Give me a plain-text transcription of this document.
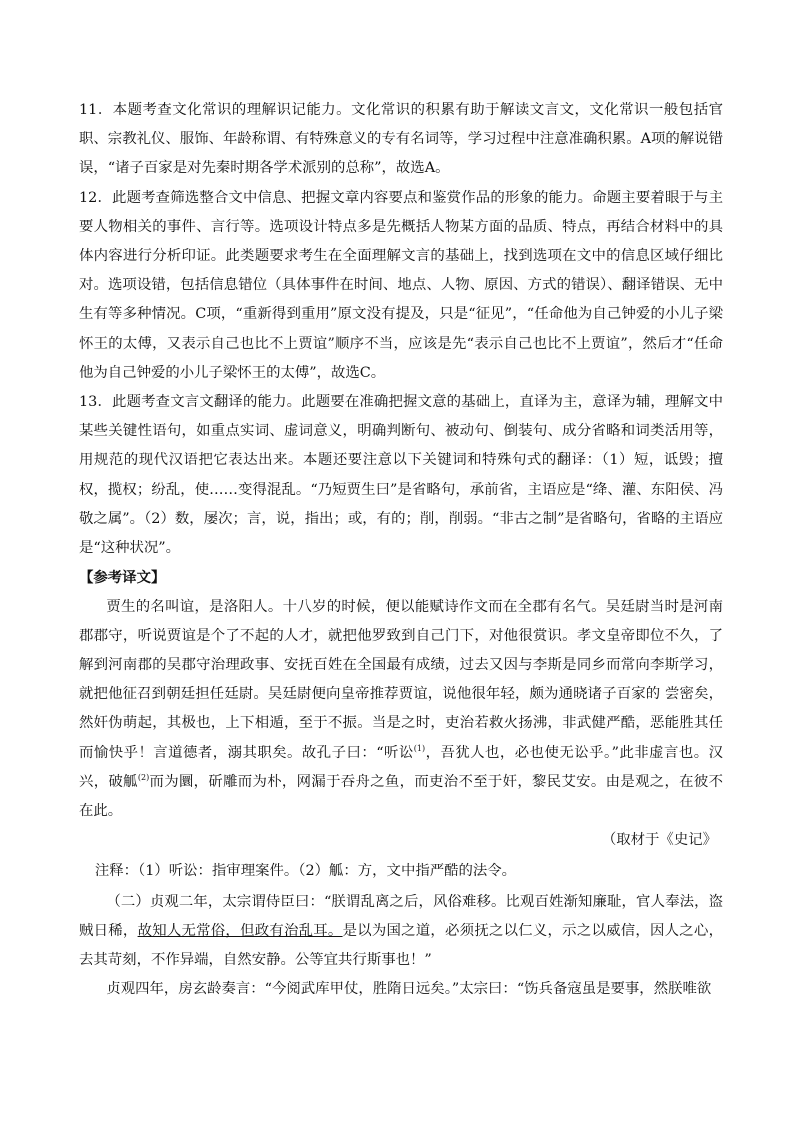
11．本题考查文化常识的理解识记能力。文化常识的积累有助于解读文言文，文化常识一般包括官职、宗教礼仪、服饰、年龄称谓、有特殊意义的专有名词等，学习过程中注意准确积累。A项的解说错误，“诸子百家是对先秦时期各学术派别的总称”，故选A。

12．此题考查筛选整合文中信息、把握文章内容要点和鉴赏作品的形象的能力。命题主要着眼于与主要人物相关的事件、言行等。选项设计特点多是先概括人物某方面的品质、特点，再结合材料中的具体内容进行分析印证。此类题要求考生在全面理解文言的基础上，找到选项在文中的信息区域仔细比对。选项设错，包括信息错位（具体事件在时间、地点、人物、原因、方式的错误）、翻译错误、无中生有等多种情况。C项，“重新得到重用”原文没有提及，只是“征见”，“任命他为自己钟爱的小儿子梁怀王的太傅，又表示自己也比不上贾谊”顺序不当，应该是先“表示自己也比不上贾谊”，然后才“任命他为自己钟爱的小儿子梁怀王的太傅”，故选C。

13．此题考查文言文翻译的能力。此题要在准确把握文意的基础上，直译为主，意译为辅，理解文中某些关键性语句，如重点实词、虚词意义，明确判断句、被动句、倒装句、成分省略和词类活用等，用规范的现代汉语把它表达出来。本题还要注意以下关键词和特殊句式的翻译：（1）短，诋毁；擅权，揽权；纷乱，使……变得混乱。“乃短贾生曰”是省略句，承前省，主语应是“绛、灌、东阳侯、冯敬之属”。（2）数，屡次；言，说，指出；或，有的；削，削弱。“非古之制”是省略句，省略的主语应是“这种状况”。

【参考译文】

贾生的名叫谊，是洛阳人。十八岁的时候，便以能赋诗作文而在全郡有名气。吴廷尉当时是河南郡郡守，听说贾谊是个了不起的人才，就把他罗致到自己门下，对他很赏识。孝文皇帝即位不久，了解到河南郡的吴郡守治理政事、安抚百姓在全国最有成绩，过去又因与李斯是同乡而常向李斯学习，就把他征召到朝廷担任廷尉。吴廷尉便向皇帝推荐贾谊，说他很年轻，颇为通晓诸子百家的 尝密矣，然奸伪萌起，其极也，上下相遁，至于不振。当是之时，吏治若救火扬沸，非武健严酷，恶能胜其任而愉快乎！言道德者，溺其职矣。故孔子曰：“听讼$^{(1)}$，吾犹人也，必也使无讼乎。”此非虚言也。汉兴，破觚$^{(2)}$而为圜，斫雕而为朴，网漏于吞舟之鱼，而吏治不至于奸，黎民艾安。由是观之，在彼不在此。

（取材于《史记》

注释：（1）听讼：指审理案件。（2）觚：方，文中指严酷的法令。

（二）贞观二年，太宗谓侍臣曰：“朕谓乱离之后，风俗难移。比观百姓渐知廉耻，官人奉法，盗贼日稀，故知人无常俗，但政有治乱耳。是以为国之道，必须抚之以仁义，示之以威信，因人之心，去其苛刻，不作异端，自然安静。公等宜共行斯事也！”

贞观四年，房玄龄奏言：“今阅武库甲仗，胜隋日远矣。”太宗曰：“饬兵备寇虽是要事，然朕唯欲
